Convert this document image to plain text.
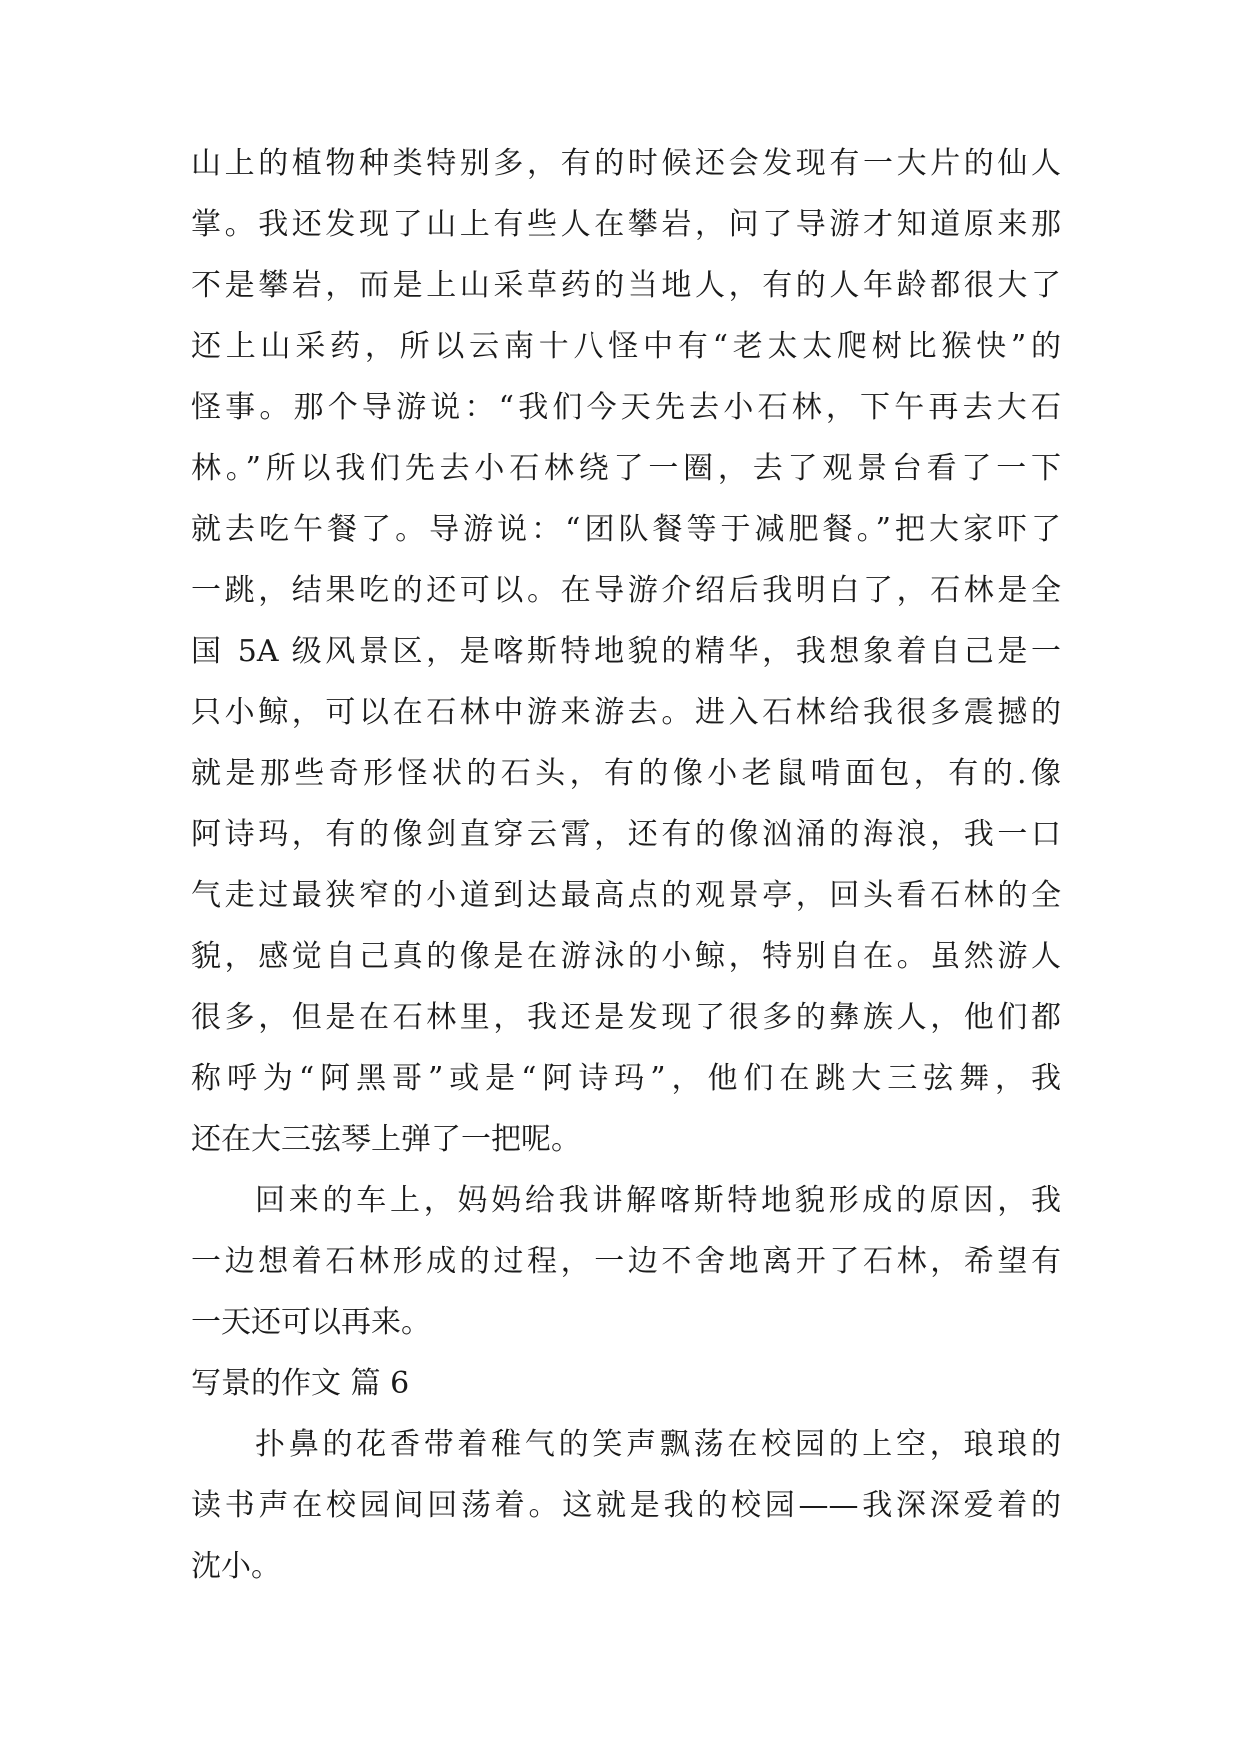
山上的植物种类特别多，有的时候还会发现有一大片的仙人
掌。我还发现了山上有些人在攀岩，问了导游才知道原来那
不是攀岩，而是上山采草药的当地人，有的人年龄都很大了
还上山采药，所以云南十八怪中有“老太太爬树比猴快”的
怪事。那个导游说：“我们今天先去小石林，下午再去大石
林。”所以我们先去小石林绕了一圈，去了观景台看了一下
就去吃午餐了。导游说：“团队餐等于减肥餐。”把大家吓了
一跳，结果吃的还可以。在导游介绍后我明白了，石林是全
国 5A 级风景区，是喀斯特地貌的精华，我想象着自己是一
只小鲸，可以在石林中游来游去。进入石林给我很多震撼的
就是那些奇形怪状的石头，有的像小老鼠啃面包，有的.像
阿诗玛，有的像剑直穿云霄，还有的像汹涌的海浪，我一口
气走过最狭窄的小道到达最高点的观景亭，回头看石林的全
貌，感觉自己真的像是在游泳的小鲸，特别自在。虽然游人
很多，但是在石林里，我还是发现了很多的彝族人，他们都
称呼为“阿黑哥”或是“阿诗玛”，他们在跳大三弦舞，我
还在大三弦琴上弹了一把呢。
回来的车上，妈妈给我讲解喀斯特地貌形成的原因，我
一边想着石林形成的过程，一边不舍地离开了石林，希望有
一天还可以再来。
写景的作文 篇 6
扑鼻的花香带着稚气的笑声飘荡在校园的上空，琅琅的
读书声在校园间回荡着。这就是我的校园——我深深爱着的
沈小。
